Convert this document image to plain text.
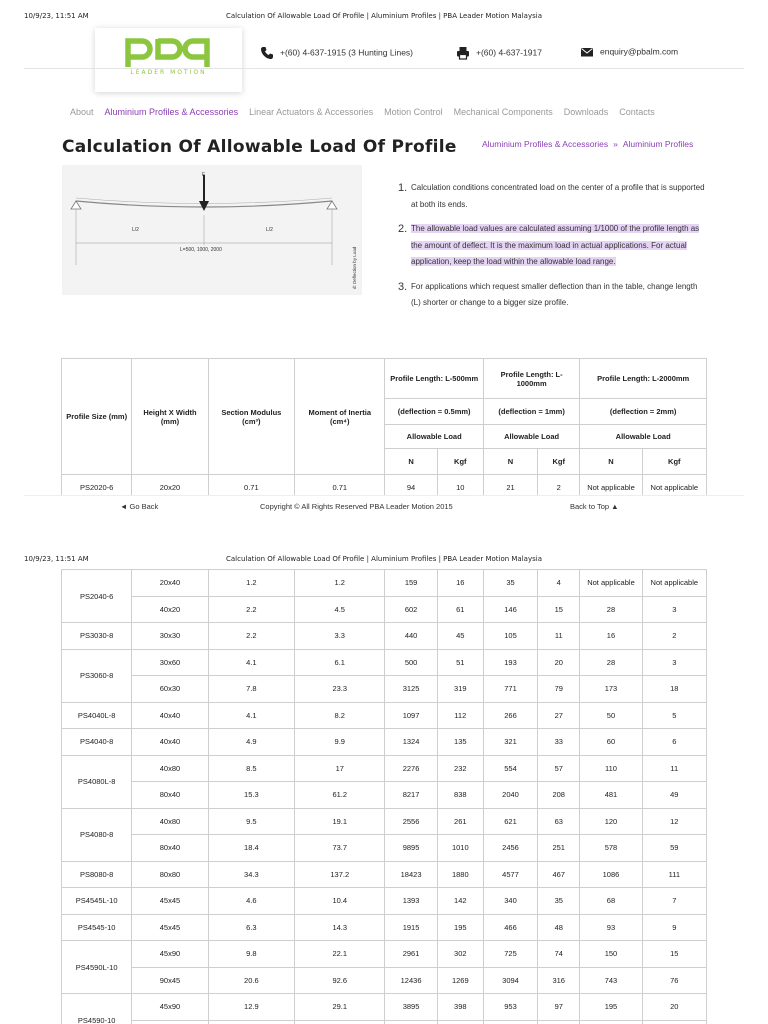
10/9/23, 11:51 AM	Calculation Of Allowable Load Of Profile | Aluminium Profiles | PBA Leader Motion Malaysia
LEADER MOTION
+(60) 4-637-1915 (3 Hunting Lines)	+(60) 4-637-1917	enquiry@pbalm.com
About Aluminium Profiles & Accessories Linear Actuators & Accessories Motion Control Mechanical Components Downloads Contacts
Calculation Of Allowable Load Of Profile	Aluminium Profiles & Accessories » Aluminium Profiles
F
L/2	L/2
L=500, 1000, 2000	d: Deflection by Load
1. Calculation conditions concentrated load on the center of a profile that is supported at both its ends.
2. The allowable load values are calculated assuming 1/1000 of the profile length as the amount of deflect. It is the maximum load in actual applications. For actual application, keep the load within the allowable load range.
3. For applications which request smaller deflection than in the table, change length (L) shorter or change to a bigger size profile.
Profile Size (mm)	Height X Width (mm)	Section Modulus (cm³)	Moment of Inertia (cm⁴)	Profile Length: L-500mm		Profile Length: L-1000mm		Profile Length: L-2000mm	
				(deflection = 0.5mm)		(deflection = 1mm)		(deflection = 2mm)	
				Allowable Load		Allowable Load		Allowable Load	
				N	Kgf	N	Kgf	N	Kgf
PS2020-6	20x20	0.71	0.71	94	10	21	2	Not applicable	Not applicable
◄ Go Back	Copyright © All Rights Reserved PBA Leader Motion 2015	Back to Top ▲
10/9/23, 11:51 AM	Calculation Of Allowable Load Of Profile | Aluminium Profiles | PBA Leader Motion Malaysia
PS2040-6	20x40	1.2	1.2	159	16	35	4	Not applicable	Not applicable
	40x20	2.2	4.5	602	61	146	15	28	3
PS3030-8	30x30	2.2	3.3	440	45	105	11	16	2
PS3060-8	30x60	4.1	6.1	500	51	193	20	28	3
	60x30	7.8	23.3	3125	319	771	79	173	18
PS4040L-8	40x40	4.1	8.2	1097	112	266	27	50	5
PS4040-8	40x40	4.9	9.9	1324	135	321	33	60	6
PS4080L-8	40x80	8.5	17	2276	232	554	57	110	11
	80x40	15.3	61.2	8217	838	2040	208	481	49
PS4080-8	40x80	9.5	19.1	2556	261	621	63	120	12
	80x40	18.4	73.7	9895	1010	2456	251	578	59
PS8080-8	80x80	34.3	137.2	18423	1880	4577	467	1086	111
PS4545L-10	45x45	4.6	10.4	1393	142	340	35	68	7
PS4545-10	45x45	6.3	14.3	1915	195	466	48	93	9
PS4590L-10	45x90	9.8	22.1	2961	302	725	74	150	15
	90x45	20.6	92.6	12436	1269	3094	316	743	76
PS4590-10	45x90	12.9	29.1	3895	398	953	97	195	20
